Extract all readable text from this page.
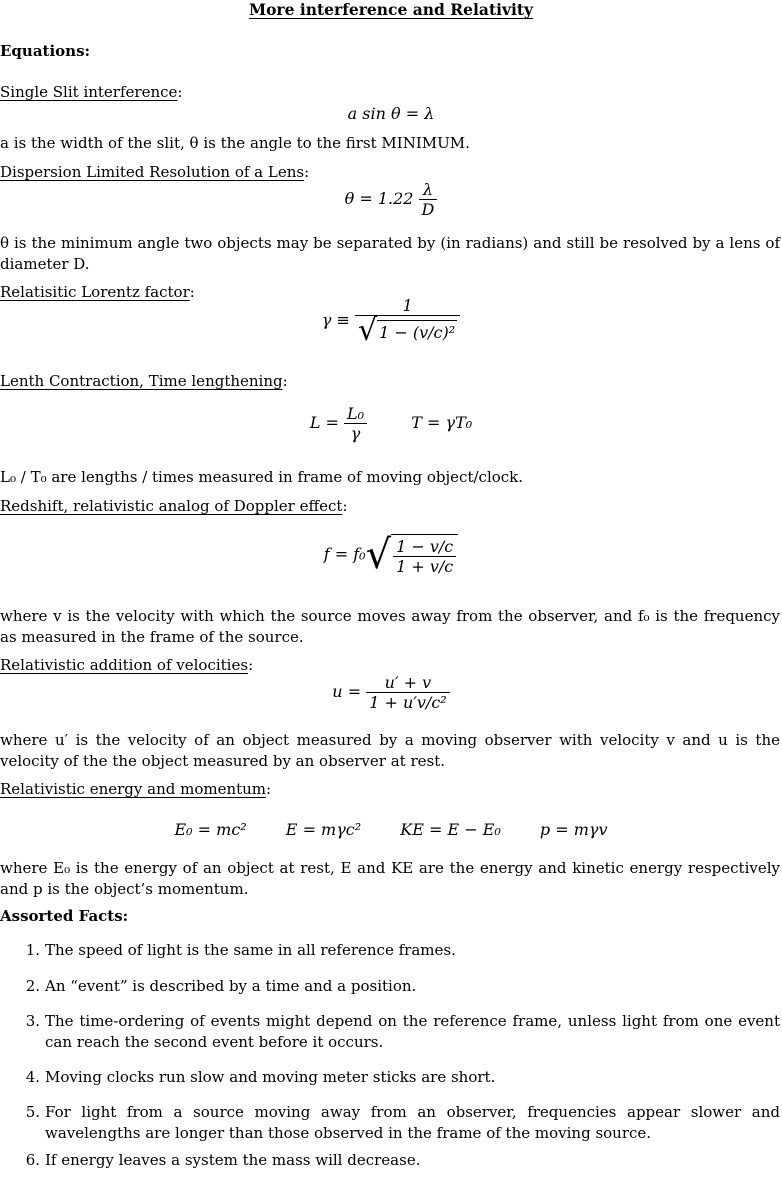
More interference and Relativity
Equations:
Single Slit interference:
a sin θ = λ
a is the width of the slit, θ is the angle to the first MINIMUM.
Dispersion Limited Resolution of a Lens:
$\theta = 1.22 \frac{\lambda}{D}$
θ is the minimum angle two objects may be separated by (in radians) and still be resolved by a lens of diameter D.
Relatisitic Lorentz factor:
$\gamma \equiv \frac{1}{\text{√ 1 − (v/c)²}}$
Lenth Contraction, Time lengthening:
$L = \frac{\text{L₀}}{\gamma}$	T = γT₀
L₀ / T₀ are lengths / times measured in frame of moving object/clock.
Redshift, relativistic analog of Doppler effect:
$f = f_0√ \frac{1 - v/c}{1 + v/c}$
where v is the velocity with which the source moves away from the observer, and f₀ is the frequency as measured in the frame of the source.
Relativistic addition of velocities:
$u = \frac{u' + v}{\text{1 + u′v/c²}}$
where u′ is the velocity of an object measured by a moving observer with velocity v and u is the velocity of the the object measured by an observer at rest.
Relativistic energy and momentum:
E₀ = mc² E = mγc² KE = E − E₀ p = mγv
where E₀ is the energy of an object at rest, E and KE are the energy and kinetic energy respectively and p is the object’s momentum.
Assorted Facts:
1. The speed of light is the same in all reference frames.
2. An “event” is described by a time and a position.
3. The time-ordering of events might depend on the reference frame, unless light from one event can reach the second event before it occurs.
4. Moving clocks run slow and moving meter sticks are short.
5. For light from a source moving away from an observer, frequencies appear slower and wavelengths are longer than those observed in the frame of the moving source.
6. If energy leaves a system the mass will decrease.
